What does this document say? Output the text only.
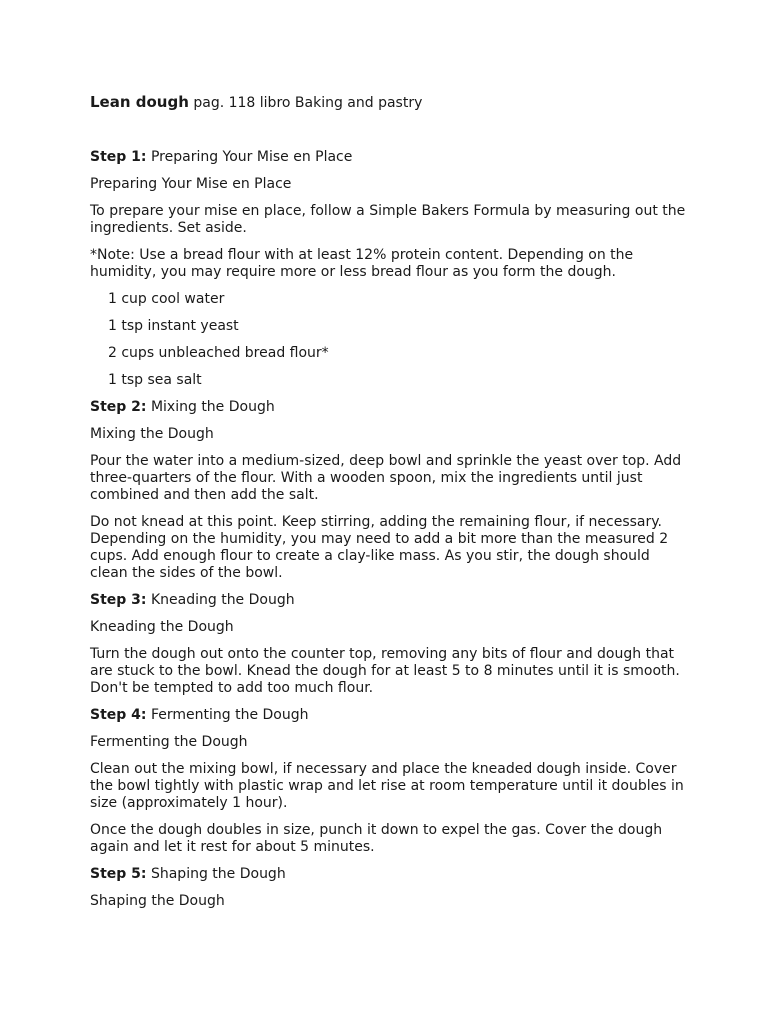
Lean dough pag. 118 libro Baking and pastry

Step 1: Preparing Your Mise en Place

Preparing Your Mise en Place

To prepare your mise en place, follow a Simple Bakers Formula by measuring out the ingredients. Set aside.

*Note: Use a bread flour with at least 12% protein content. Depending on the humidity, you may require more or less bread flour as you form the dough.

1 cup cool water

1 tsp instant yeast

2 cups unbleached bread flour*

1 tsp sea salt

Step 2: Mixing the Dough

Mixing the Dough

Pour the water into a medium-sized, deep bowl and sprinkle the yeast over top. Add three-quarters of the flour. With a wooden spoon, mix the ingredients until just combined and then add the salt.

Do not knead at this point. Keep stirring, adding the remaining flour, if necessary. Depending on the humidity, you may need to add a bit more than the measured 2 cups. Add enough flour to create a clay-like mass. As you stir, the dough should clean the sides of the bowl.

Step 3: Kneading the Dough

Kneading the Dough

Turn the dough out onto the counter top, removing any bits of flour and dough that are stuck to the bowl. Knead the dough for at least 5 to 8 minutes until it is smooth. Don't be tempted to add too much flour.

Step 4: Fermenting the Dough

Fermenting the Dough

Clean out the mixing bowl, if necessary and place the kneaded dough inside. Cover the bowl tightly with plastic wrap and let rise at room temperature until it doubles in size (approximately 1 hour).

Once the dough doubles in size, punch it down to expel the gas. Cover the dough again and let it rest for about 5 minutes.

Step 5: Shaping the Dough

Shaping the Dough
